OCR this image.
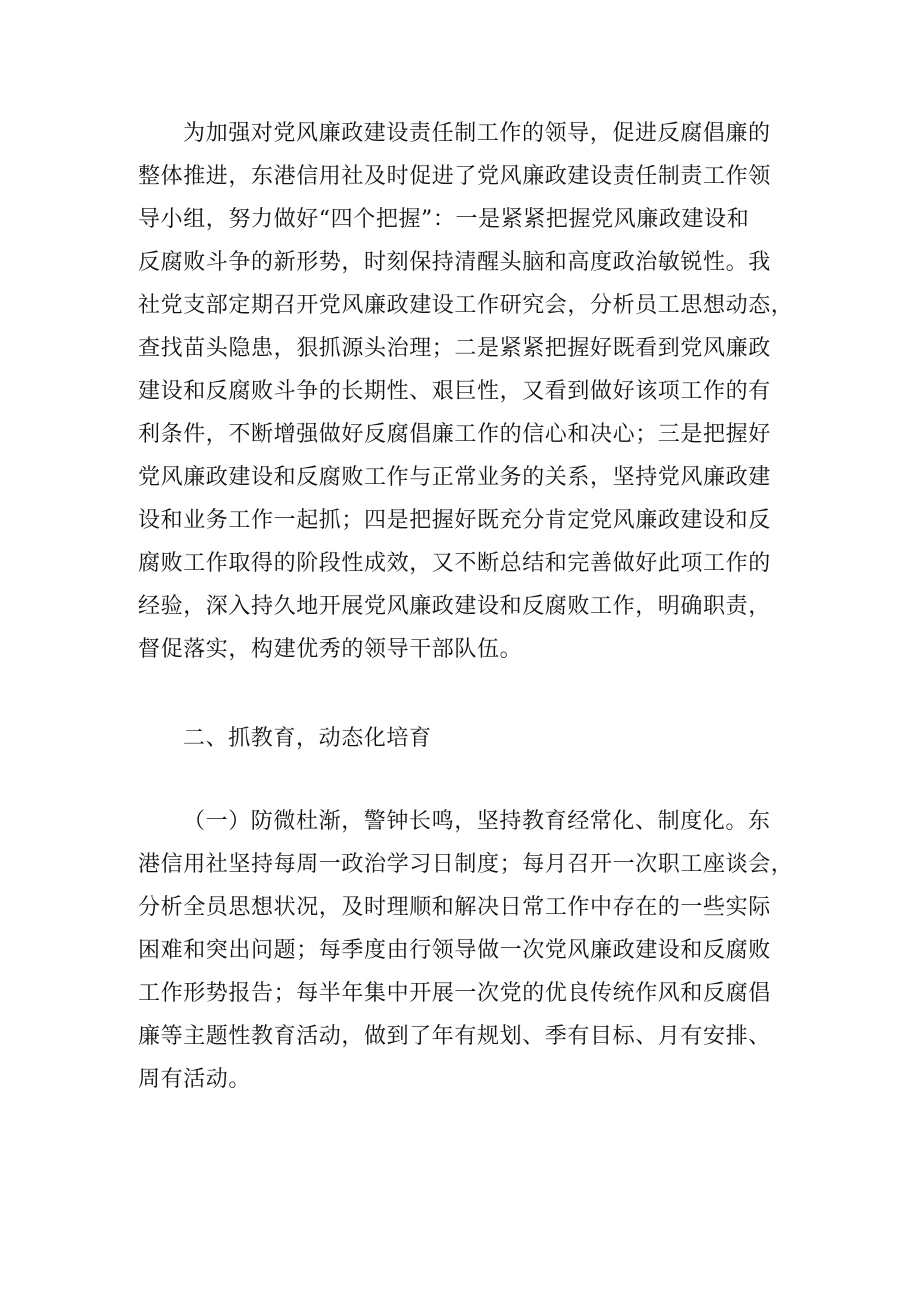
为加强对党风廉政建设责任制工作的领导，促进反腐倡廉的
整体推进，东港信用社及时促进了党风廉政建设责任制责工作领
导小组，努力做好“四个把握”：一是紧紧把握党风廉政建设和
反腐败斗争的新形势，时刻保持清醒头脑和高度政治敏锐性。我
社党支部定期召开党风廉政建设工作研究会，分析员工思想动态，
查找苗头隐患，狠抓源头治理；二是紧紧把握好既看到党风廉政
建设和反腐败斗争的长期性、艰巨性，又看到做好该项工作的有
利条件，不断增强做好反腐倡廉工作的信心和决心；三是把握好
党风廉政建设和反腐败工作与正常业务的关系，坚持党风廉政建
设和业务工作一起抓；四是把握好既充分肯定党风廉政建设和反
腐败工作取得的阶段性成效，又不断总结和完善做好此项工作的
经验，深入持久地开展党风廉政建设和反腐败工作，明确职责，
督促落实，构建优秀的领导干部队伍。
二、抓教育，动态化培育
（一）防微杜渐，警钟长鸣，坚持教育经常化、制度化。东
港信用社坚持每周一政治学习日制度；每月召开一次职工座谈会，
分析全员思想状况，及时理顺和解决日常工作中存在的一些实际
困难和突出问题；每季度由行领导做一次党风廉政建设和反腐败
工作形势报告；每半年集中开展一次党的优良传统作风和反腐倡
廉等主题性教育活动，做到了年有规划、季有目标、月有安排、
周有活动。
